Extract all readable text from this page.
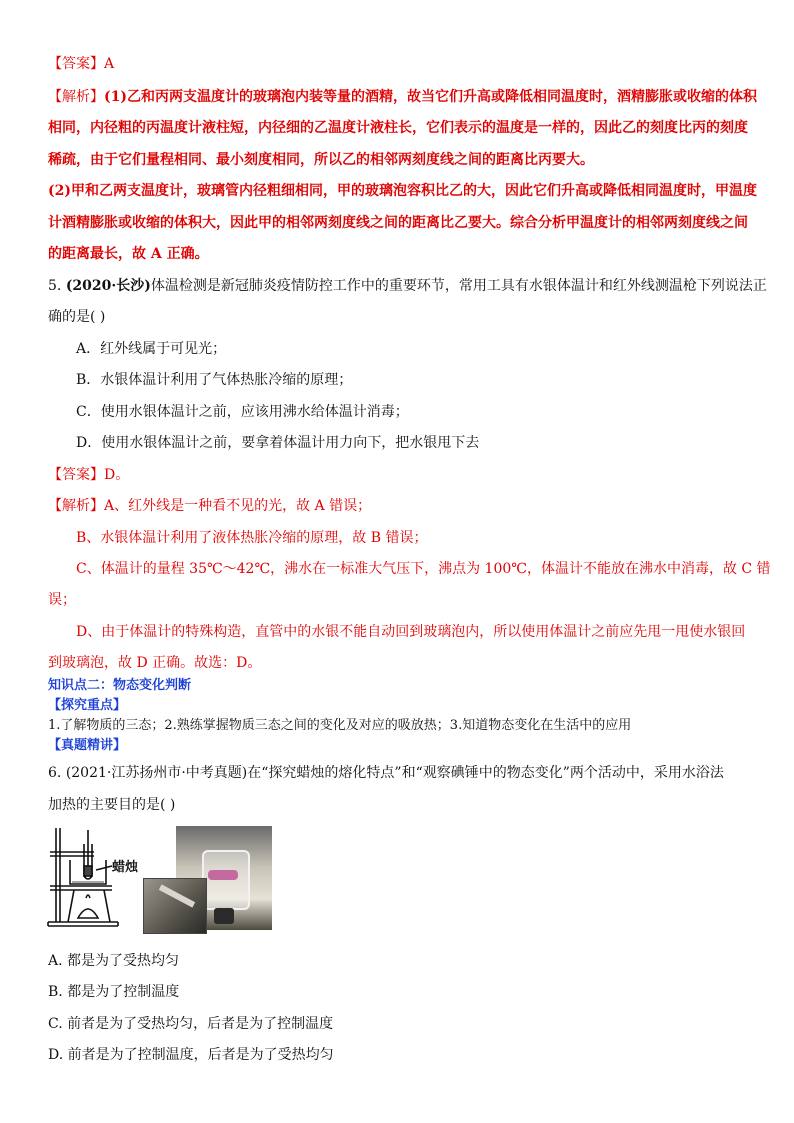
【答案】A
【解析】(1)乙和丙两支温度计的玻璃泡内装等量的酒精，故当它们升高或降低相同温度时，酒精膨胀或收缩的体积
相同，内径粗的丙温度计液柱短，内径细的乙温度计液柱长，它们表示的温度是一样的，因此乙的刻度比丙的刻度
稀疏，由于它们量程相同、最小刻度相同，所以乙的相邻两刻度线之间的距离比丙要大。
(2)甲和乙两支温度计，玻璃管内径粗细相同，甲的玻璃泡容积比乙的大，因此它们升高或降低相同温度时，甲温度
计酒精膨胀或收缩的体积大，因此甲的相邻两刻度线之间的距离比乙要大。综合分析甲温度计的相邻两刻度线之间
的距离最长，故 A 正确。
5. (2020·长沙)体温检测是新冠肺炎疫情防控工作中的重要环节，常用工具有水银体温计和红外线测温枪下列说法正
确的是( )
A．红外线属于可见光；
B．水银体温计利用了气体热胀冷缩的原理；
C．使用水银体温计之前，应该用沸水给体温计消毒；
D．使用水银体温计之前，要拿着体温计用力向下，把水银甩下去
【答案】D。
【解析】A、红外线是一种看不见的光，故 A 错误；
B、水银体温计利用了液体热胀冷缩的原理，故 B 错误；
C、体温计的量程 35℃～42℃，沸水在一标准大气压下，沸点为 100℃，体温计不能放在沸水中消毒，故 C 错
误；
D、由于体温计的特殊构造，直管中的水银不能自动回到玻璃泡内，所以使用体温计之前应先甩一甩使水银回
到玻璃泡，故 D 正确。故选：D。
知识点二：物态变化判断
【探究重点】
1.了解物质的三态；2.熟练掌握物质三态之间的变化及对应的吸放热；3.知道物态变化在生活中的应用
【真题精讲】
6. (2021·江苏扬州市·中考真题)在“探究蜡烛的熔化特点”和“观察碘锤中的物态变化”两个活动中，采用水浴法
加热的主要目的是( )
蜡烛
A. 都是为了受热均匀
B. 都是为了控制温度
C. 前者是为了受热均匀，后者是为了控制温度
D. 前者是为了控制温度，后者是为了受热均匀
